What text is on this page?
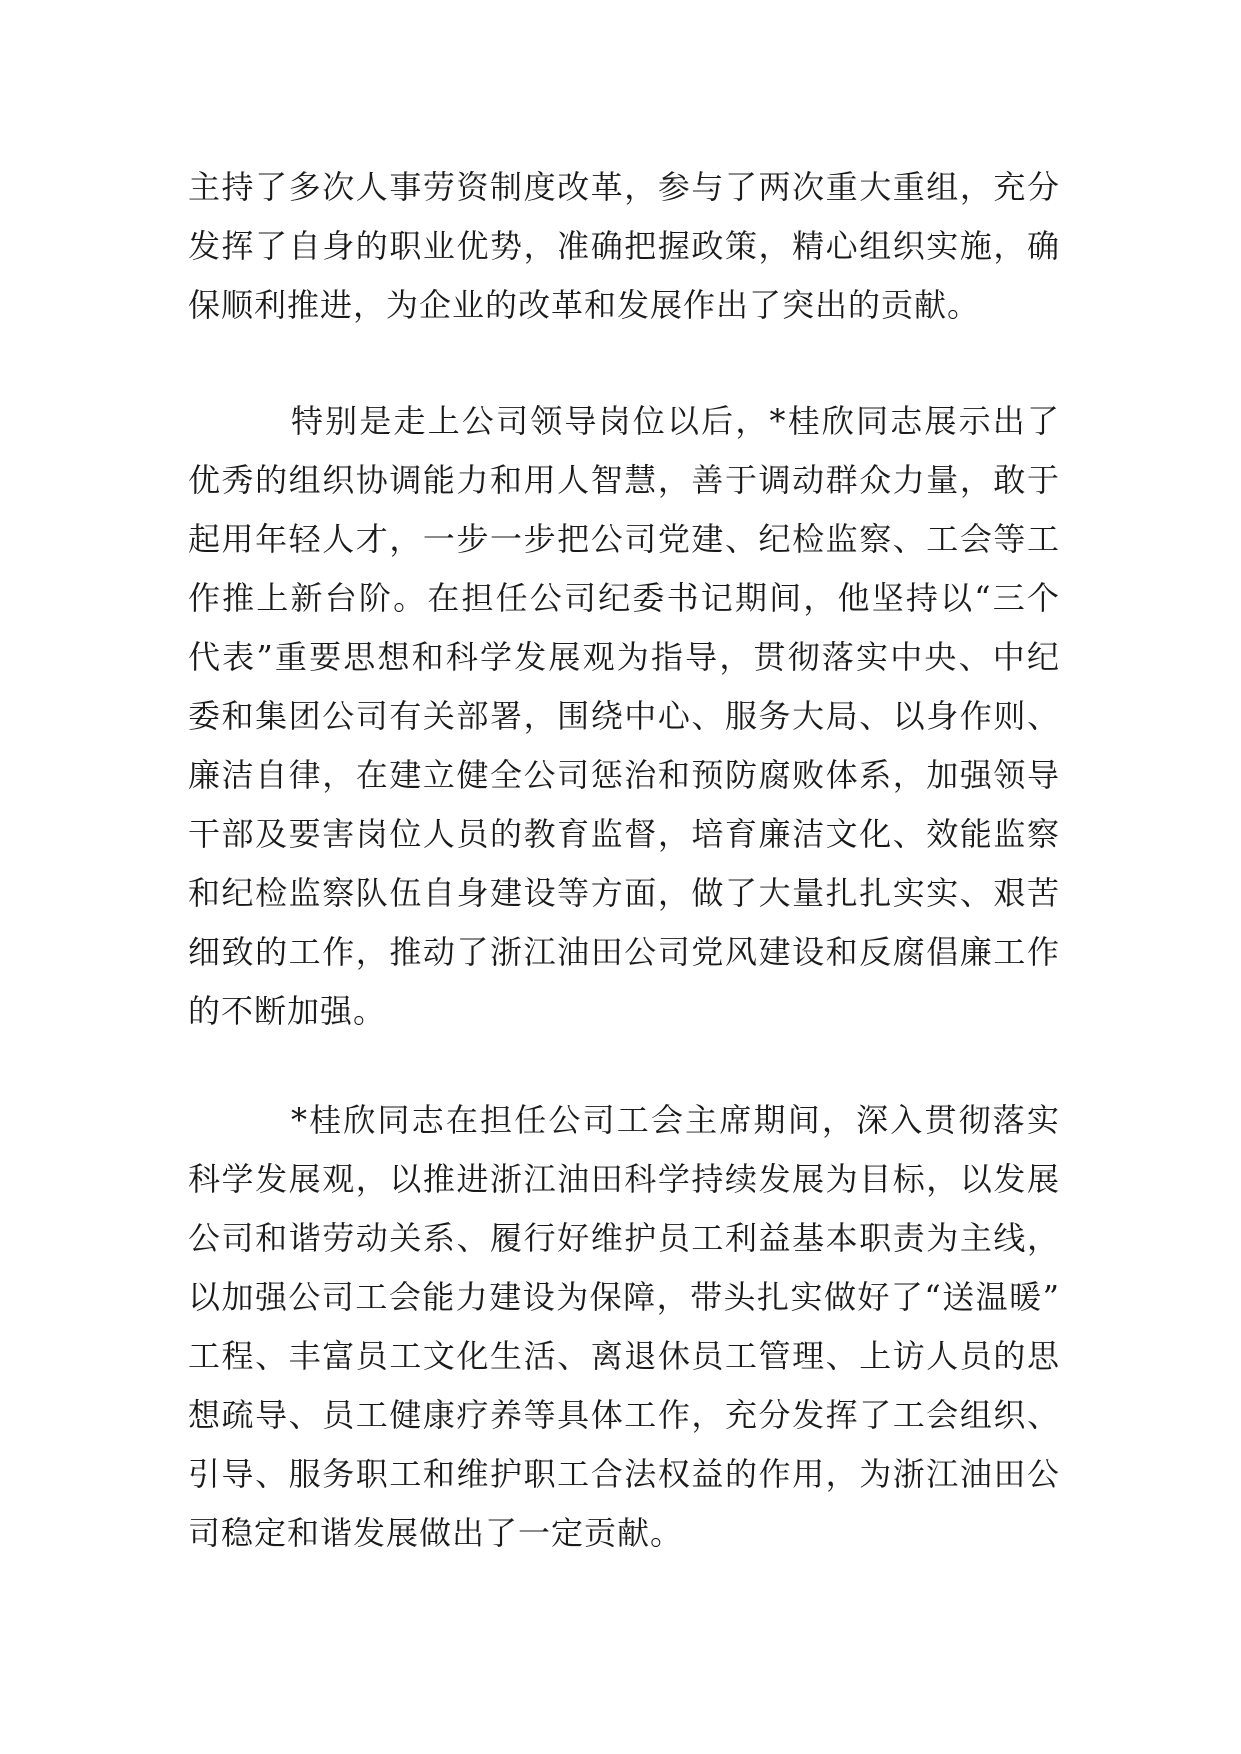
主持了多次人事劳资制度改革，参与了两次重大重组，充分
发挥了自身的职业优势，准确把握政策，精心组织实施，确
保顺利推进，为企业的改革和发展作出了突出的贡献。
特别是走上公司领导岗位以后，*桂欣同志展示出了
优秀的组织协调能力和用人智慧，善于调动群众力量，敢于
起用年轻人才，一步一步把公司党建、纪检监察、工会等工
作推上新台阶。在担任公司纪委书记期间，他坚持以“三个
代表”重要思想和科学发展观为指导，贯彻落实中央、中纪
委和集团公司有关部署，围绕中心、服务大局、以身作则、
廉洁自律，在建立健全公司惩治和预防腐败体系，加强领导
干部及要害岗位人员的教育监督，培育廉洁文化、效能监察
和纪检监察队伍自身建设等方面，做了大量扎扎实实、艰苦
细致的工作，推动了浙江油田公司党风建设和反腐倡廉工作
的不断加强。
*桂欣同志在担任公司工会主席期间，深入贯彻落实
科学发展观，以推进浙江油田科学持续发展为目标，以发展
公司和谐劳动关系、履行好维护员工利益基本职责为主线，
以加强公司工会能力建设为保障，带头扎实做好了“送温暖”
工程、丰富员工文化生活、离退休员工管理、上访人员的思
想疏导、员工健康疗养等具体工作，充分发挥了工会组织、
引导、服务职工和维护职工合法权益的作用，为浙江油田公
司稳定和谐发展做出了一定贡献。
